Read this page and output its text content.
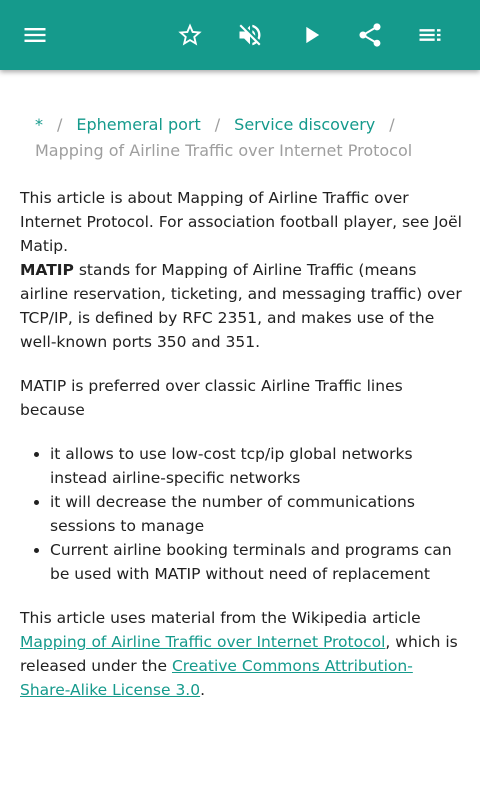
* / Ephemeral port / Service discovery /
Mapping of Airline Traffic over Internet Protocol

This article is about Mapping of Airline Traffic over Internet Protocol. For association football player, see Joël Matip.
MATIP stands for Mapping of Airline Traffic (means airline reservation, ticketing, and messaging traffic) over TCP/IP, is defined by RFC 2351, and makes use of the well-known ports 350 and 351.

MATIP is preferred over classic Airline Traffic lines because

• it allows to use low-cost tcp/ip global networks instead airline-specific networks
• it will decrease the number of communications sessions to manage
• Current airline booking terminals and programs can be used with MATIP without need of replacement

This article uses material from the Wikipedia article Mapping of Airline Traffic over Internet Protocol, which is released under the Creative Commons Attribution-Share-Alike License 3.0.
